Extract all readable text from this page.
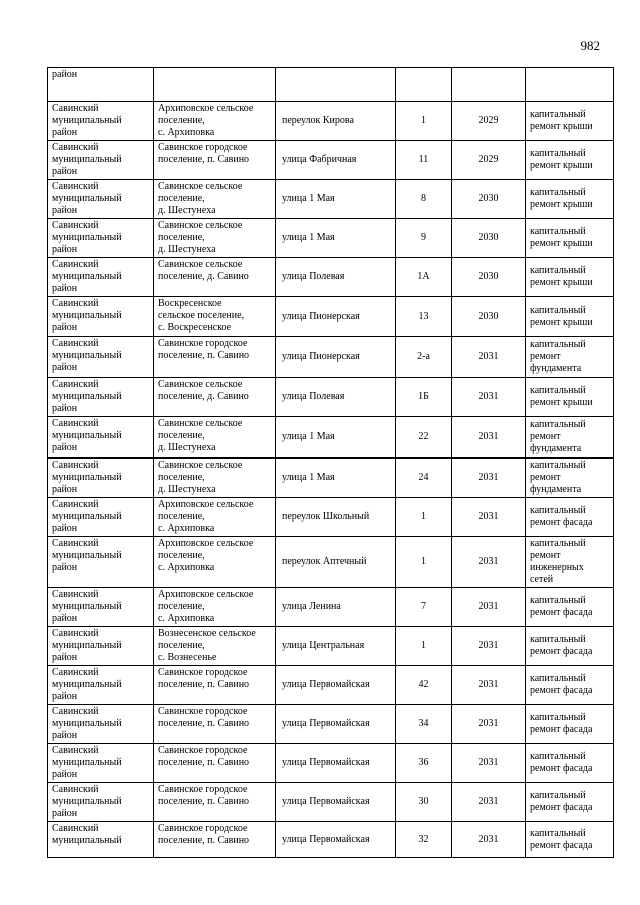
982
район					
Савинский
муниципальный
район	Архиповское сельское
поселение,
с. Архиповка	переулок Кирова	1	2029	капитальный
ремонт крыши
Савинский
муниципальный
район	Савинское городское
поселение, п. Савино	улица Фабричная	11	2029	капитальный
ремонт крыши
Савинский
муниципальный
район	Савинское сельское
поселение,
д. Шестунеха	улица 1 Мая	8	2030	капитальный
ремонт крыши
Савинский
муниципальный
район	Савинское сельское
поселение,
д. Шестунеха	улица 1 Мая	9	2030	капитальный
ремонт крыши
Савинский
муниципальный
район	Савинское сельское
поселение, д. Савино	улица Полевая	1А	2030	капитальный
ремонт крыши
Савинский
муниципальный
район	Воскресенское
сельское поселение,
с. Воскресенское	улица Пионерская	13	2030	капитальный
ремонт крыши
Савинский
муниципальный
район	Савинское городское
поселение, п. Савино	улица Пионерская	2-а	2031	капитальный
ремонт
фундамента
Савинский
муниципальный
район	Савинское сельское
поселение, д. Савино	улица Полевая	1Б	2031	капитальный
ремонт крыши
Савинский
муниципальный
район	Савинское сельское
поселение,
д. Шестунеха	улица 1 Мая	22	2031	капитальный
ремонт
фундамента
Савинский
муниципальный
район	Савинское сельское
поселение,
д. Шестунеха	улица 1 Мая	24	2031	капитальный
ремонт
фундамента
Савинский
муниципальный
район	Архиповское сельское
поселение,
с. Архиповка	переулок Школьный	1	2031	капитальный
ремонт фасада
Савинский
муниципальный
район	Архиповское сельское
поселение,
с. Архиповка	переулок Аптечный	1	2031	капитальный
ремонт
инженерных
сетей
Савинский
муниципальный
район	Архиповское сельское
поселение,
с. Архиповка	улица Ленина	7	2031	капитальный
ремонт фасада
Савинский
муниципальный
район	Вознесенское сельское
поселение,
с. Вознесенье	улица Центральная	1	2031	капитальный
ремонт фасада
Савинский
муниципальный
район	Савинское городское
поселение, п. Савино	улица Первомайская	42	2031	капитальный
ремонт фасада
Савинский
муниципальный
район	Савинское городское
поселение, п. Савино	улица Первомайская	34	2031	капитальный
ремонт фасада
Савинский
муниципальный
район	Савинское городское
поселение, п. Савино	улица Первомайская	36	2031	капитальный
ремонт фасада
Савинский
муниципальный
район	Савинское городское
поселение, п. Савино	улица Первомайская	30	2031	капитальный
ремонт фасада
Савинский
муниципальный	Савинское городское
поселение, п. Савино	улица Первомайская	32	2031	капитальный
ремонт фасада
